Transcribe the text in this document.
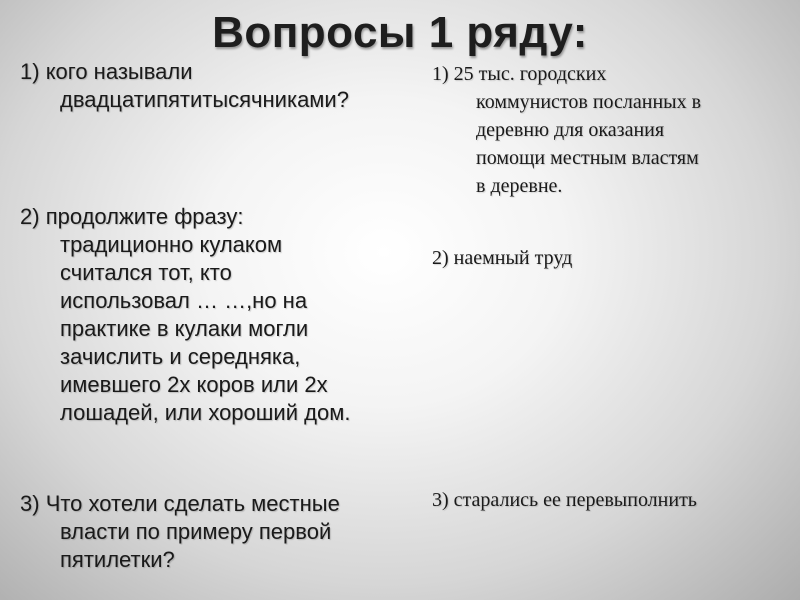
Вопросы 1 ряду:
1) кого называли
двадцатипятитысячниками?
2) продолжите фразу:
традиционно кулаком
считался тот, кто
использовал … …,но на
практике в кулаки могли
зачислить и середняка,
имевшего 2х коров или 2х
лошадей, или хороший дом.
3) Что хотели сделать местные
власти по примеру первой
пятилетки?
1) 25 тыс. городских
коммунистов посланных в
деревню для оказания
помощи местным властям
в деревне.
2) наемный труд
3) старались ее перевыполнить
